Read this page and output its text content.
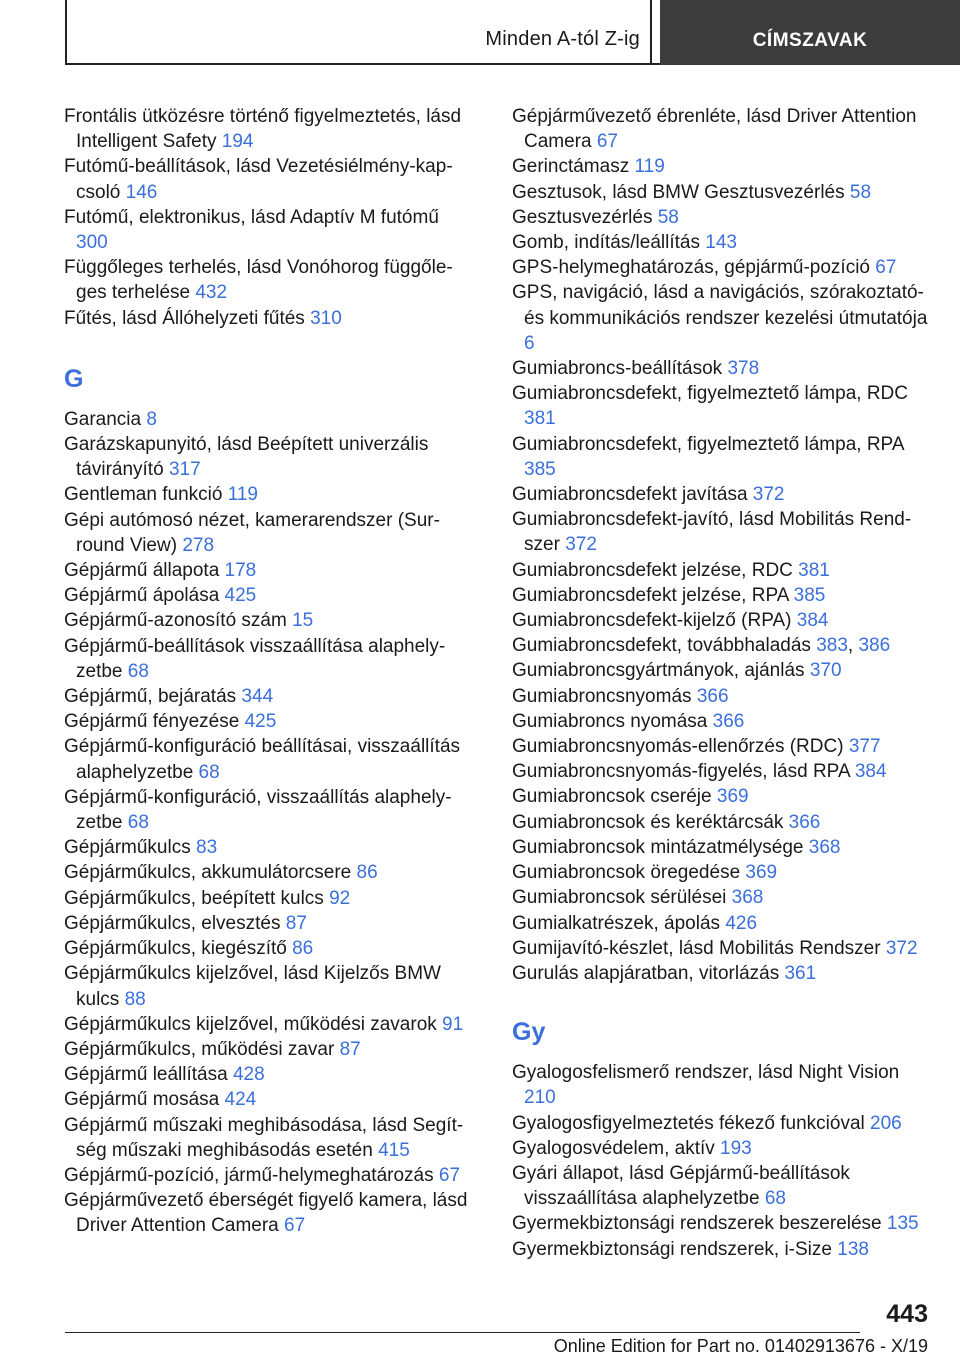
Minden A-tól Z-ig	CÍMSZAVAK
Frontális ütközésre történő figyelmeztetés, lásd Intelligent Safety 194
Futómű-beállítások, lásd Vezetésiélmény-kapcsoló 146
Futómű, elektronikus, lásd Adaptív M futómű 300
Függőleges terhelés, lásd Vonóhorog függőleges terhelése 432
Fűtés, lásd Állóhelyzeti fűtés 310
G
Garancia 8
Garázskapunyitó, lásd Beépített univerzális távirányító 317
Gentleman funkció 119
Gépi autómosó nézet, kamerarendszer (Surround View) 278
Gépjármű állapota 178
Gépjármű ápolása 425
Gépjármű-azonosító szám 15
Gépjármű-beállítások visszaállítása alaphelyzetbe 68
Gépjármű, bejáratás 344
Gépjármű fényezése 425
Gépjármű-konfiguráció beállításai, visszaállítás alaphelyzetbe 68
Gépjármű-konfiguráció, visszaállítás alaphelyzetbe 68
Gépjárműkulcs 83
Gépjárműkulcs, akkumulátorcsere 86
Gépjárműkulcs, beépített kulcs 92
Gépjárműkulcs, elvesztés 87
Gépjárműkulcs, kiegészítő 86
Gépjárműkulcs kijelzővel, lásd Kijelzős BMW kulcs 88
Gépjárműkulcs kijelzővel, működési zavarok 91
Gépjárműkulcs, működési zavar 87
Gépjármű leállítása 428
Gépjármű mosása 424
Gépjármű műszaki meghibásodása, lásd Segítség műszaki meghibásodás esetén 415
Gépjármű-pozíció, jármű-helymeghatározás 67
Gépjárművezető éberségét figyelő kamera, lásd Driver Attention Camera 67
Gépjárművezető ébrenléte, lásd Driver Attention Camera 67
Gerinctámasz 119
Gesztusok, lásd BMW Gesztusvezérlés 58
Gesztusvezérlés 58
Gomb, indítás/leállítás 143
GPS-helymeghatározás, gépjármű-pozíció 67
GPS, navigáció, lásd a navigációs, szórakoztató- és kommunikációs rendszer kezelési útmutatója 6
Gumiabroncs-beállítások 378
Gumiabroncsdefekt, figyelmeztető lámpa, RDC 381
Gumiabroncsdefekt, figyelmeztető lámpa, RPA 385
Gumiabroncsdefekt javítása 372
Gumiabroncsdefekt-javító, lásd Mobilitás Rendszer 372
Gumiabroncsdefekt jelzése, RDC 381
Gumiabroncsdefekt jelzése, RPA 385
Gumiabroncsdefekt-kijelző (RPA) 384
Gumiabroncsdefekt, továbbhaladás 383, 386
Gumiabroncsgyártmányok, ajánlás 370
Gumiabroncsnyomás 366
Gumiabroncs nyomása 366
Gumiabroncsnyomás-ellenőrzés (RDC) 377
Gumiabroncsnyomás-figyelés, lásd RPA 384
Gumiabroncsok cseréje 369
Gumiabroncsok és keréktárcsák 366
Gumiabroncsok mintázatmélysége 368
Gumiabroncsok öregedése 369
Gumiabroncsok sérülései 368
Gumialkatrészek, ápolás 426
Gumijavító-készlet, lásd Mobilitás Rendszer 372
Gurulás alapjáratban, vitorlázás 361
Gy
Gyalogosfelismerő rendszer, lásd Night Vision 210
Gyalogosfigyelmeztetés fékező funkcióval 206
Gyalogosvédelem, aktív 193
Gyári állapot, lásd Gépjármű-beállítások visszaállítása alaphelyzetbe 68
Gyermekbiztonsági rendszerek beszerelése 135
Gyermekbiztonsági rendszerek, i-Size 138
443
Online Edition for Part no. 01402913676 - X/19
